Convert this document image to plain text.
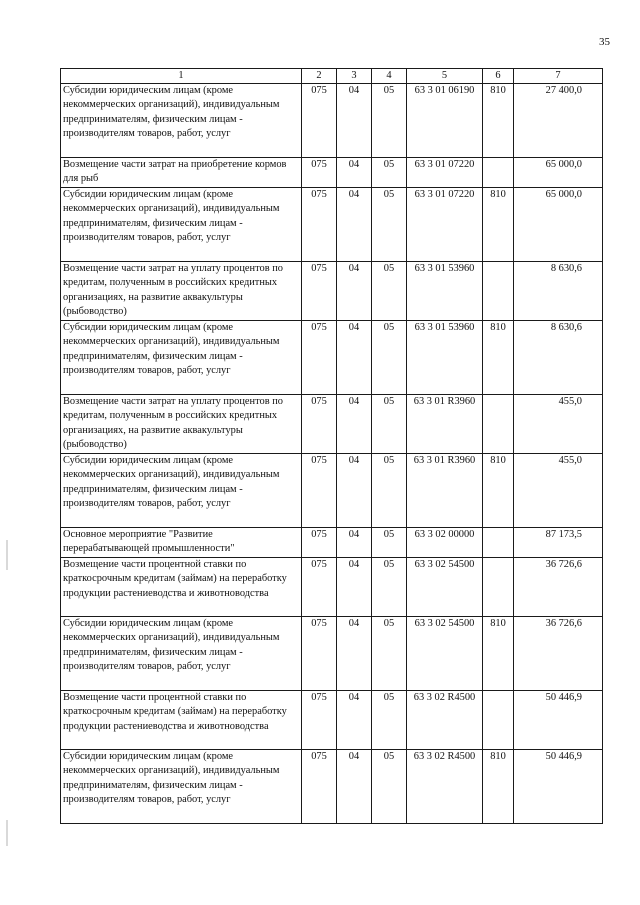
35
1	2	3	4	5	6	7
Субсидии юридическим лицам (кроме некоммерческих организаций), индивидуальным предпринимателям, физическим лицам - производителям товаров, работ, услуг	075	04	05	63 3 01 06190	810	27 400,0
Возмещение части затрат на приобретение кормов для рыб	075	04	05	63 3 01 07220		65 000,0
Субсидии юридическим лицам (кроме некоммерческих организаций), индивидуальным предпринимателям, физическим лицам - производителям товаров, работ, услуг	075	04	05	63 3 01 07220	810	65 000,0
Возмещение части затрат на уплату процентов по кредитам, полученным в российских кредитных организациях, на развитие аквакультуры (рыбоводство)	075	04	05	63 3 01 53960		8 630,6
Субсидии юридическим лицам (кроме некоммерческих организаций), индивидуальным предпринимателям, физическим лицам - производителям товаров, работ, услуг	075	04	05	63 3 01 53960	810	8 630,6
Возмещение части затрат на уплату процентов по кредитам, полученным в российских кредитных организациях, на развитие аквакультуры (рыбоводство)	075	04	05	63 3 01 R3960		455,0
Субсидии юридическим лицам (кроме некоммерческих организаций), индивидуальным предпринимателям, физическим лицам - производителям товаров, работ, услуг	075	04	05	63 3 01 R3960	810	455,0
Основное мероприятие "Развитие перерабатывающей промышленности"	075	04	05	63 3 02 00000		87 173,5
Возмещение части процентной ставки по краткосрочным кредитам (займам) на переработку продукции растениеводства и животноводства	075	04	05	63 3 02 54500		36 726,6
Субсидии юридическим лицам (кроме некоммерческих организаций), индивидуальным предпринимателям, физическим лицам - производителям товаров, работ, услуг	075	04	05	63 3 02 54500	810	36 726,6
Возмещение части процентной ставки по краткосрочным кредитам (займам) на переработку продукции растениеводства и животноводства	075	04	05	63 3 02 R4500		50 446,9
Субсидии юридическим лицам (кроме некоммерческих организаций), индивидуальным предпринимателям, физическим лицам - производителям товаров, работ, услуг	075	04	05	63 3 02 R4500	810	50 446,9
